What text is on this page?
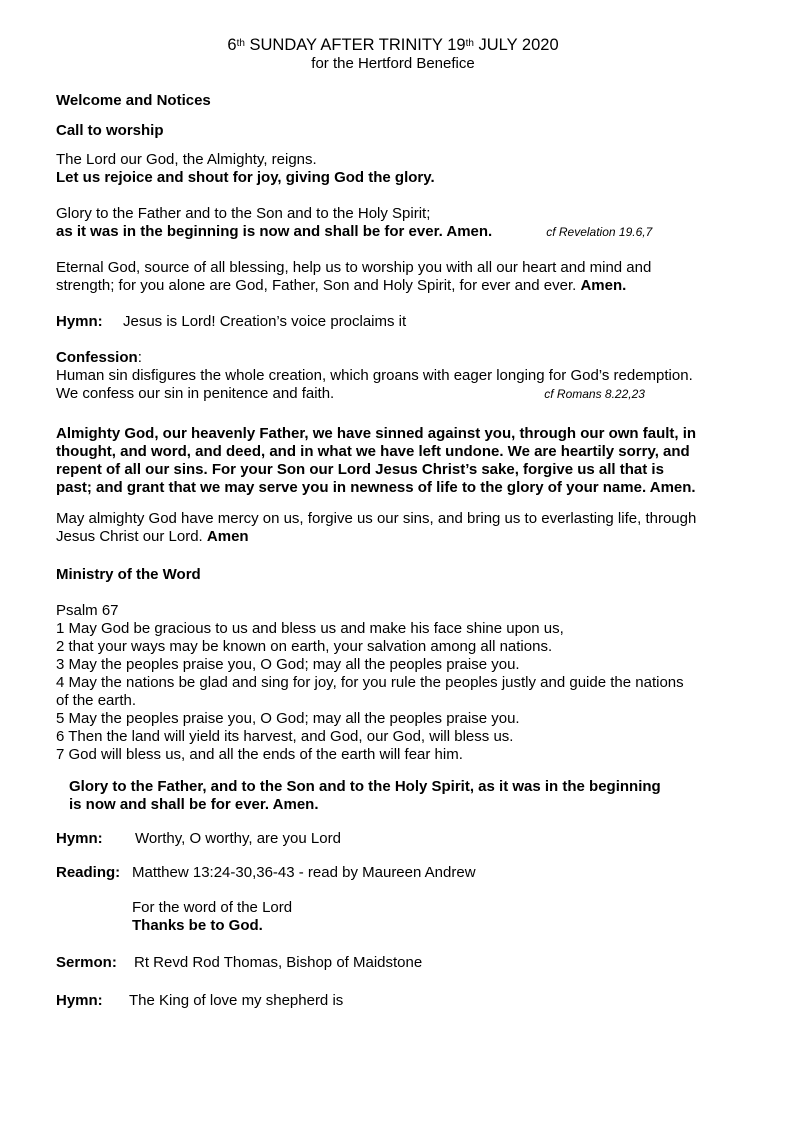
6th SUNDAY AFTER TRINITY 19th JULY 2020
for the Hertford Benefice
Welcome and Notices
Call to worship
The Lord our God, the Almighty, reigns.
Let us rejoice and shout for joy, giving God the glory.
Glory to the Father and to the Son and to the Holy Spirit;
as it was in the beginning is now and shall be for ever. Amen.	cf Revelation 19.6,7
Eternal God, source of all blessing, help us to worship you with all our heart and mind and
strength; for you alone are God, Father, Son and Holy Spirit, for ever and ever. Amen.
Hymn: Jesus is Lord! Creation’s voice proclaims it
Confession:
Human sin disfigures the whole creation, which groans with eager longing for God’s redemption.
We confess our sin in penitence and faith.	cf Romans 8.22,23
Almighty God, our heavenly Father, we have sinned against you, through our own fault, in
thought, and word, and deed, and in what we have left undone. We are heartily sorry, and
repent of all our sins. For your Son our Lord Jesus Christ’s sake, forgive us all that is
past; and grant that we may serve you in newness of life to the glory of your name. Amen.
May almighty God have mercy on us, forgive us our sins, and bring us to everlasting life, through
Jesus Christ our Lord. Amen
Ministry of the Word
Psalm 67
1 May God be gracious to us and bless us and make his face shine upon us,
2 that your ways may be known on earth, your salvation among all nations.
3 May the peoples praise you, O God; may all the peoples praise you.
4 May the nations be glad and sing for joy, for you rule the peoples justly and guide the nations
of the earth.
5 May the peoples praise you, O God; may all the peoples praise you.
6 Then the land will yield its harvest, and God, our God, will bless us.
7 God will bless us, and all the ends of the earth will fear him.
Glory to the Father, and to the Son and to the Holy Spirit, as it was in the beginning
is now and shall be for ever. Amen.
Hymn: Worthy, O worthy, are you Lord
Reading: Matthew 13:24-30,36-43 - read by Maureen Andrew
For the word of the Lord
Thanks be to God.
Sermon: Rt Revd Rod Thomas, Bishop of Maidstone
Hymn: The King of love my shepherd is
